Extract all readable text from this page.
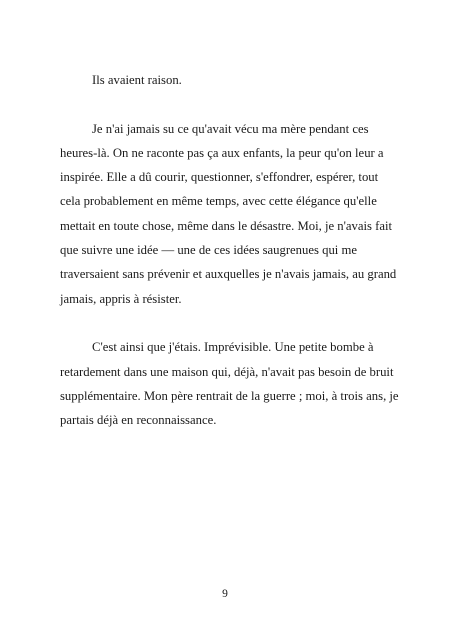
Ils avaient raison.

Je n'ai jamais su ce qu'avait vécu ma mère pendant ces heures-là. On ne raconte pas ça aux enfants, la peur qu'on leur a inspirée. Elle a dû courir, questionner, s'effondrer, espérer, tout cela probablement en même temps, avec cette élégance qu'elle mettait en toute chose, même dans le désastre. Moi, je n'avais fait que suivre une idée — une de ces idées saugrenues qui me traversaient sans prévenir et auxquelles je n'avais jamais, au grand jamais, appris à résister.

C'est ainsi que j'étais. Imprévisible. Une petite bombe à retardement dans une maison qui, déjà, n'avait pas besoin de bruit supplémentaire. Mon père rentrait de la guerre ; moi, à trois ans, je partais déjà en reconnaissance.

9
